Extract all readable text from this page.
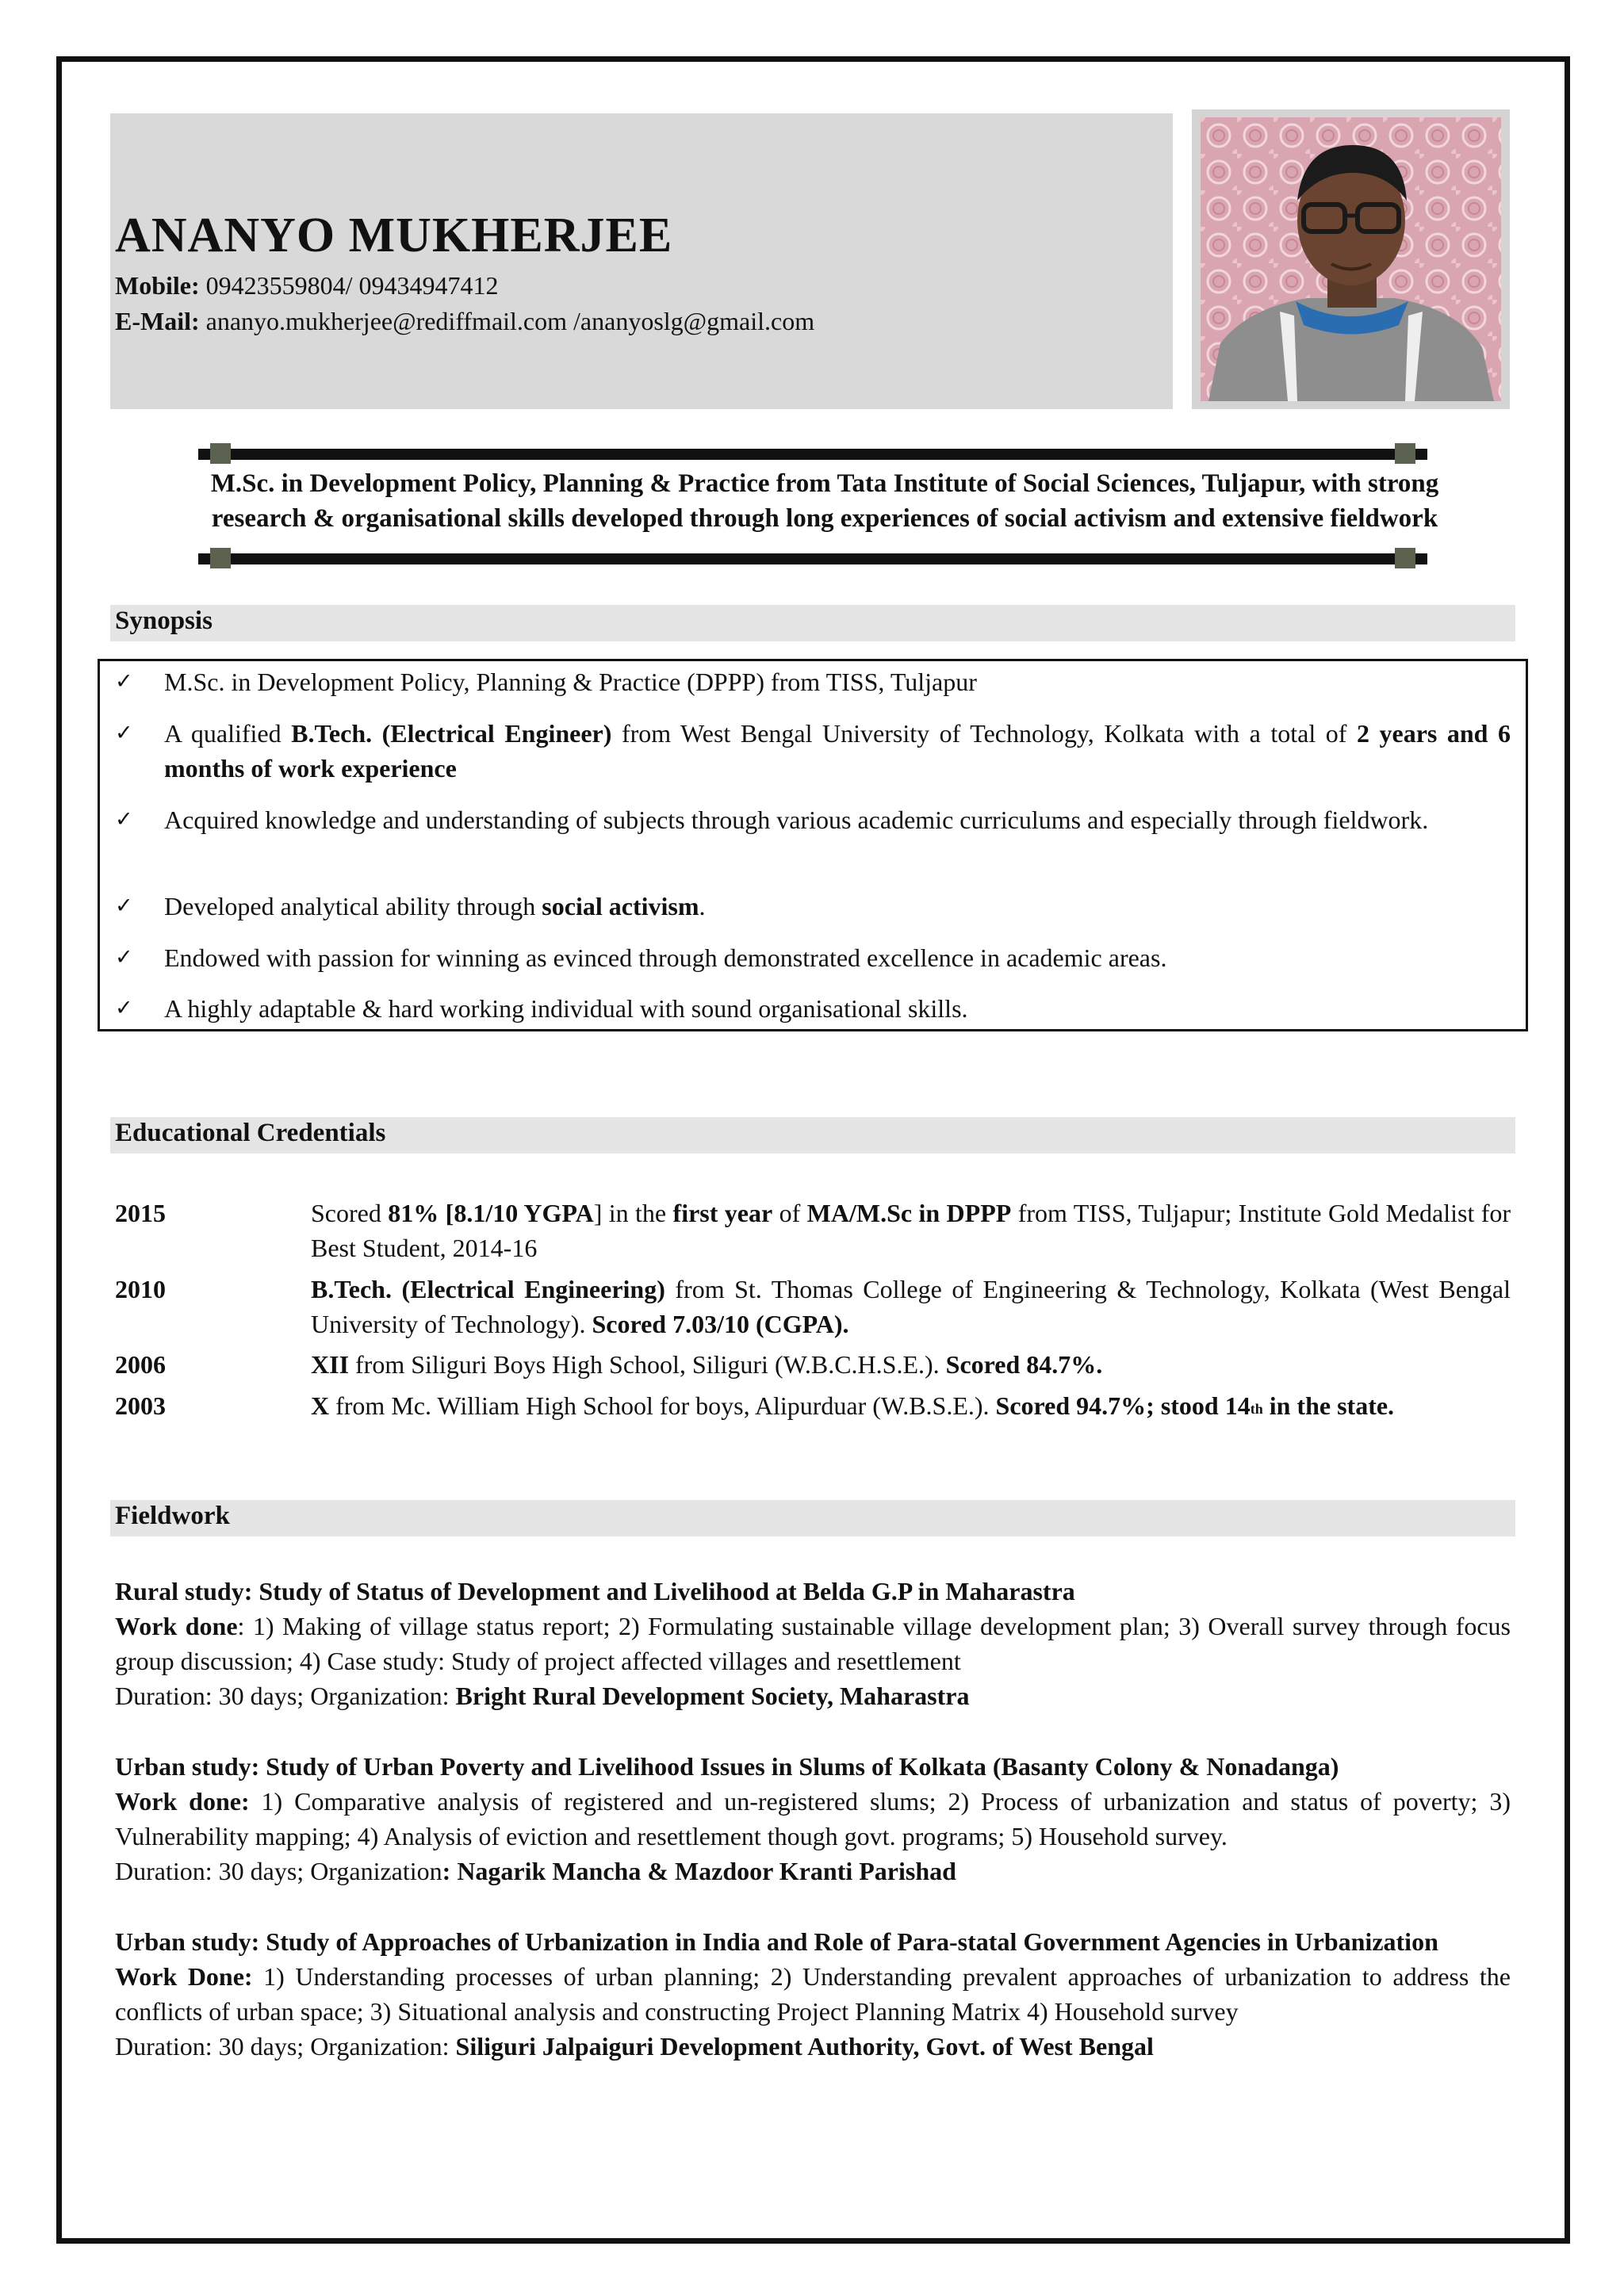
ANANYO MUKHERJEE
Mobile: 09423559804/ 09434947412
E-Mail: ananyo.mukherjee@rediffmail.com /ananyoslg@gmail.com
M.Sc. in Development Policy, Planning & Practice from Tata Institute of Social Sciences, Tuljapur, with strong
research & organisational skills developed through long experiences of social activism and extensive fieldwork
Synopsis
✓ M.Sc. in Development Policy, Planning & Practice (DPPP) from TISS, Tuljapur
✓ A qualified B.Tech. (Electrical Engineer) from West Bengal University of Technology, Kolkata with a total of 2 years and 6 months of work experience
✓ Acquired knowledge and understanding of subjects through various academic curriculums and especially through fieldwork.
✓ Developed analytical ability through social activism.
✓ Endowed with passion for winning as evinced through demonstrated excellence in academic areas.
✓ A highly adaptable & hard working individual with sound organisational skills.
Educational Credentials
2015	Scored 81% [8.1/10 YGPA] in the first year of MA/M.Sc in DPPP from TISS, Tuljapur; Institute Gold Medalist for Best Student, 2014-16
2010	B.Tech. (Electrical Engineering) from St. Thomas College of Engineering & Technology, Kolkata (West Bengal University of Technology). Scored 7.03/10 (CGPA).
2006	XII from Siliguri Boys High School, Siliguri (W.B.C.H.S.E.). Scored 84.7%.
2003	X from Mc. William High School for boys, Alipurduar (W.B.S.E.). Scored 94.7%; stood 14th in the state.
Fieldwork
Rural study: Study of Status of Development and Livelihood at Belda G.P in Maharastra
Work done: 1) Making of village status report; 2) Formulating sustainable village development plan; 3) Overall survey through focus group discussion; 4) Case study: Study of project affected villages and resettlement
Duration: 30 days; Organization: Bright Rural Development Society, Maharastra
Urban study: Study of Urban Poverty and Livelihood Issues in Slums of Kolkata (Basanty Colony & Nonadanga)
Work done: 1) Comparative analysis of registered and un-registered slums; 2) Process of urbanization and status of poverty; 3) Vulnerability mapping; 4) Analysis of eviction and resettlement though govt. programs; 5) Household survey.
Duration: 30 days; Organization: Nagarik Mancha & Mazdoor Kranti Parishad
Urban study: Study of Approaches of Urbanization in India and Role of Para-statal Government Agencies in Urbanization
Work Done: 1) Understanding processes of urban planning; 2) Understanding prevalent approaches of urbanization to address the conflicts of urban space; 3) Situational analysis and constructing Project Planning Matrix 4) Household survey
Duration: 30 days; Organization: Siliguri Jalpaiguri Development Authority, Govt. of West Bengal
